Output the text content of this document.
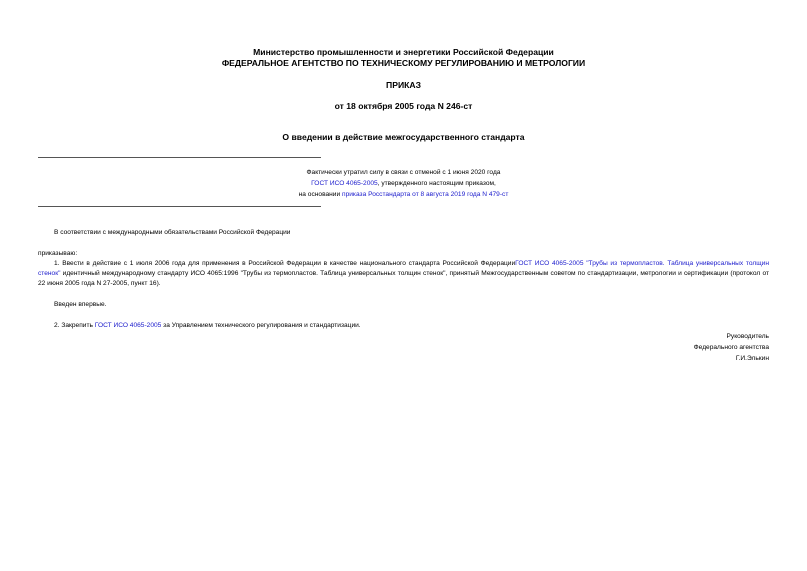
Министерство промышленности и энергетики Российской Федерации
ФЕДЕРАЛЬНОЕ АГЕНТСТВО ПО ТЕХНИЧЕСКОМУ РЕГУЛИРОВАНИЮ И МЕТРОЛОГИИ
ПРИКАЗ
от 18 октября 2005 года N 246-ст
О введении в действие межгосударственного стандарта
Фактически утратил силу в связи с отменой с 1 июня 2020 года
ГОСТ ИСО 4065-2005, утвержденного настоящим приказом,
на основании приказа Росстандарта от 8 августа 2019 года N 479-ст
В соответствии с международными обязательствами Российской Федерации
приказываю:
1. Ввести в действие с 1 июля 2006 года для применения в Российской Федерации в качестве национального стандарта Российской ФедерацииГОСТ ИСО 4065-2005 "Трубы из термопластов. Таблица универсальных толщин стенок" идентичный международному стандарту ИСО 4065:1996 "Трубы из термопластов. Таблица универсальных толщин стенок", принятый Межгосударственным советом по стандартизации, метрологии и сертификации (протокол от 22 июня 2005 года N 27-2005, пункт 16).
Введен впервые.
2. Закрепить ГОСТ ИСО 4065-2005 за Управлением технического регулирования и стандартизации.
Руководитель
Федерального агентства
Г.И.Элькин
